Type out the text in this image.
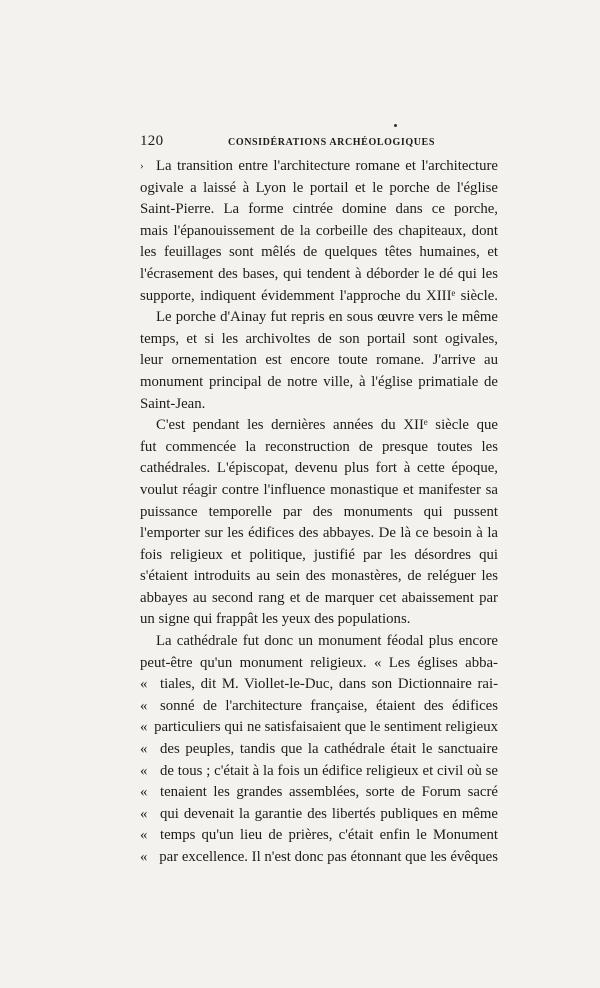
120	CONSIDÉRATIONS ARCHÉOLOGIQUES
› La transition entre l'architecture romane et l'architecture
ogivale a laissé à Lyon le portail et le porche de l'église
Saint-Pierre. La forme cintrée domine dans ce porche,
mais l'épanouissement de la corbeille des chapiteaux, dont
les feuillages sont mêlés de quelques têtes humaines, et
l'écrasement des bases, qui tendent à déborder le dé qui les
supporte, indiquent évidemment l'approche du XIIIᵉ siècle.
Le porche d'Ainay fut repris en sous œuvre vers le même
temps, et si les archivoltes de son portail sont ogivales,
leur ornementation est encore toute romane. J'arrive au
monument principal de notre ville, à l'église primatiale de
Saint-Jean.
C'est pendant les dernières années du XIIᵉ siècle que
fut commencée la reconstruction de presque toutes les
cathédrales. L'épiscopat, devenu plus fort à cette époque,
voulut réagir contre l'influence monastique et manifester sa
puissance temporelle par des monuments qui pussent
l'emporter sur les édifices des abbayes. De là ce besoin à la
fois religieux et politique, justifié par les désordres qui
s'étaient introduits au sein des monastères, de reléguer les
abbayes au second rang et de marquer cet abaissement par
un signe qui frappât les yeux des populations.
La cathédrale fut donc un monument féodal plus encore
peut-être qu'un monument religieux. « Les églises abba-
« tiales, dit M. Viollet-le-Duc, dans son Dictionnaire rai-
« sonné de l'architecture française, étaient des édifices
« particuliers qui ne satisfaisaient que le sentiment religieux
« des peuples, tandis que la cathédrale était le sanctuaire
« de tous ; c'était à la fois un édifice religieux et civil où se
« tenaient les grandes assemblées, sorte de Forum sacré
« qui devenait la garantie des libertés publiques en même
« temps qu'un lieu de prières, c'était enfin le Monument
« par excellence. Il n'est donc pas étonnant que les évêques
